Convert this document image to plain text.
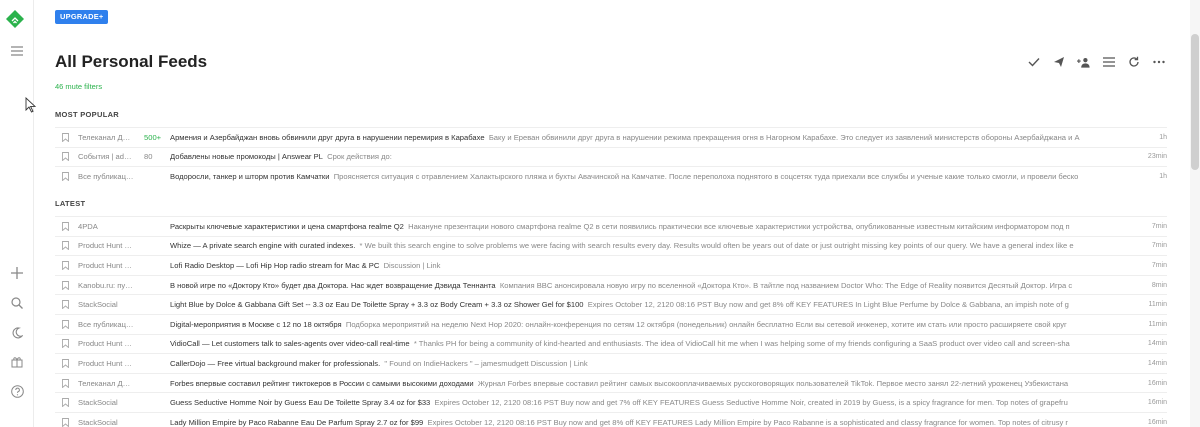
UPGRADE+
All Personal Feeds
46 mute filters
MOST POPULAR
Телеканал Д…	500+	Армения и Азербайджан вновь обвинили друг друга в нарушении перемирия в Карабахе Баку и Ереван обвинили друг друга в нарушении режима прекращения огня в Нагорном Карабахе. Это следует из заявлений министерств обороны Азербайджана и А	1h
События | ad…	80	Добавлены новые промокоды | Answear PL Срок действия до:	23min
Все публикац…	Водоросли, танкер и шторм против Камчатки Проясняется ситуация с отравлением Халактырского пляжа и бухты Авачинской на Камчатке. После переполоха поднятого в соцсетях туда приехали все службы и ученые какие только смогли, и провели беско	1h
LATEST
4PDA	Раскрыты ключевые характеристики и цена смартфона realme Q2 Накануне презентации нового смартфона realme Q2 в сети появились практически все ключевые характеристики устройства, опубликованные известным китайским информатором под п	7min
Product Hunt …	Whize — A private search engine with curated indexes. * We built this search engine to solve problems we were facing with search results every day. Results would often be years out of date or just outright missing key points of our query. We have a general index like e	7min
Product Hunt …	Lofi Radio Desktop — Lofi Hip Hop radio stream for Mac & PC Discussion | Link	7min
Kanobu.ru: пу…	В новой игре по «Доктору Кто» будет два Доктора. Нас ждет возвращение Дэвида Теннанта Компания BBC анонсировала новую игру по вселенной «Доктора Кто». В тайтле под названием Doctor Who: The Edge of Reality появится Десятый Доктор. Игра с	8min
StackSocial	Light Blue by Dolce & Gabbana Gift Set -- 3.3 oz Eau De Toilette Spray + 3.3 oz Body Cream + 3.3 oz Shower Gel for $100 Expires October 12, 2120 08:16 PST Buy now and get 8% off KEY FEATURES In Light Blue Perfume by Dolce & Gabbana, an impish note of g	11min
Все публикац…	Digital-мероприятия в Москве с 12 по 18 октября Подборка мероприятий на неделю Next Hop 2020: онлайн-конференция по сетям 12 октября (понедельник) онлайн бесплатно Если вы сетевой инженер, хотите им стать или просто расширяете свой круг	11min
Product Hunt …	VidioCall — Let customers talk to sales-agents over video-call real-time * Thanks PH for being a community of kind-hearted and enthusiasts. The idea of VidioCall hit me when I was helping some of my friends configuring a SaaS product over video call and screen-sha	14min
Product Hunt …	CallerDojo — Free virtual background maker for professionals. " Found on IndieHackers " – jamesmudgett Discussion | Link	14min
Телеканал Д…	Forbes впервые составил рейтинг тиктокеров в России с самыми высокими доходами Журнал Forbes впервые составил рейтинг самых высокооплачиваемых русскоговорящих пользователей TikTok. Первое место занял 22-летний уроженец Узбекистана	16min
StackSocial	Guess Seductive Homme Noir by Guess Eau De Toilette Spray 3.4 oz for $33 Expires October 12, 2120 08:16 PST Buy now and get 7% off KEY FEATURES Guess Seductive Homme Noir, created in 2019 by Guess, is a spicy fragrance for men. Top notes of grapefru	16min
StackSocial	Lady Million Empire by Paco Rabanne Eau De Parfum Spray 2.7 oz for $99 Expires October 12, 2120 08:16 PST Buy now and get 8% off KEY FEATURES Lady Million Empire by Paco Rabanne is a sophisticated and classy fragrance for women. Top notes of citrusy r	16min
